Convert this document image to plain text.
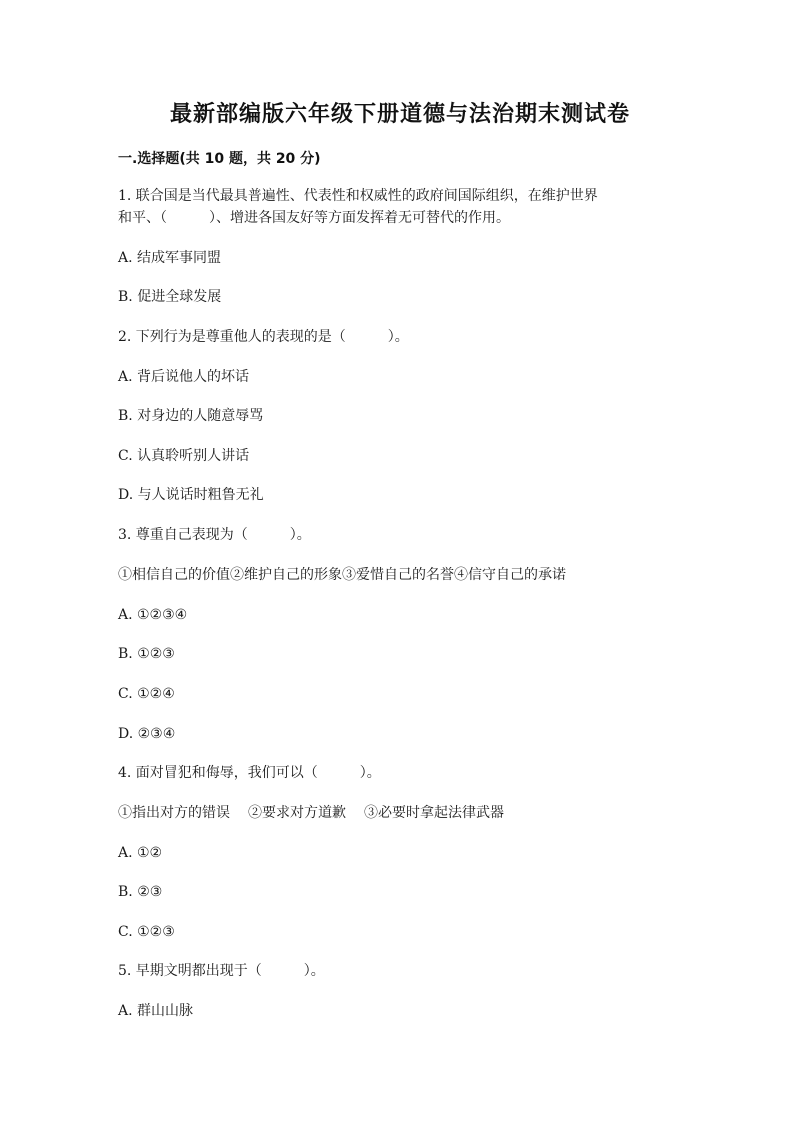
最新部编版六年级下册道德与法治期末测试卷
一.选择题(共 10 题，共 20 分)
1. 联合国是当代最具普遍性、代表性和权威性的政府间国际组织，在维护世界
和平、（　　　）、增进各国友好等方面发挥着无可替代的作用。
A. 结成军事同盟
B. 促进全球发展
2. 下列行为是尊重他人的表现的是（　　　）。
A. 背后说他人的坏话
B. 对身边的人随意辱骂
C. 认真聆听别人讲话
D. 与人说话时粗鲁无礼
3. 尊重自己表现为（　　　）。
①相信自己的价值②维护自己的形象③爱惜自己的名誉④信守自己的承诺
A. ①②③④
B. ①②③
C. ①②④
D. ②③④
4. 面对冒犯和侮辱，我们可以（　　　）。
①指出对方的错误 ②要求对方道歉 ③必要时拿起法律武器
A. ①②
B. ②③
C. ①②③
5. 早期文明都出现于（　　　）。
A. 群山山脉
